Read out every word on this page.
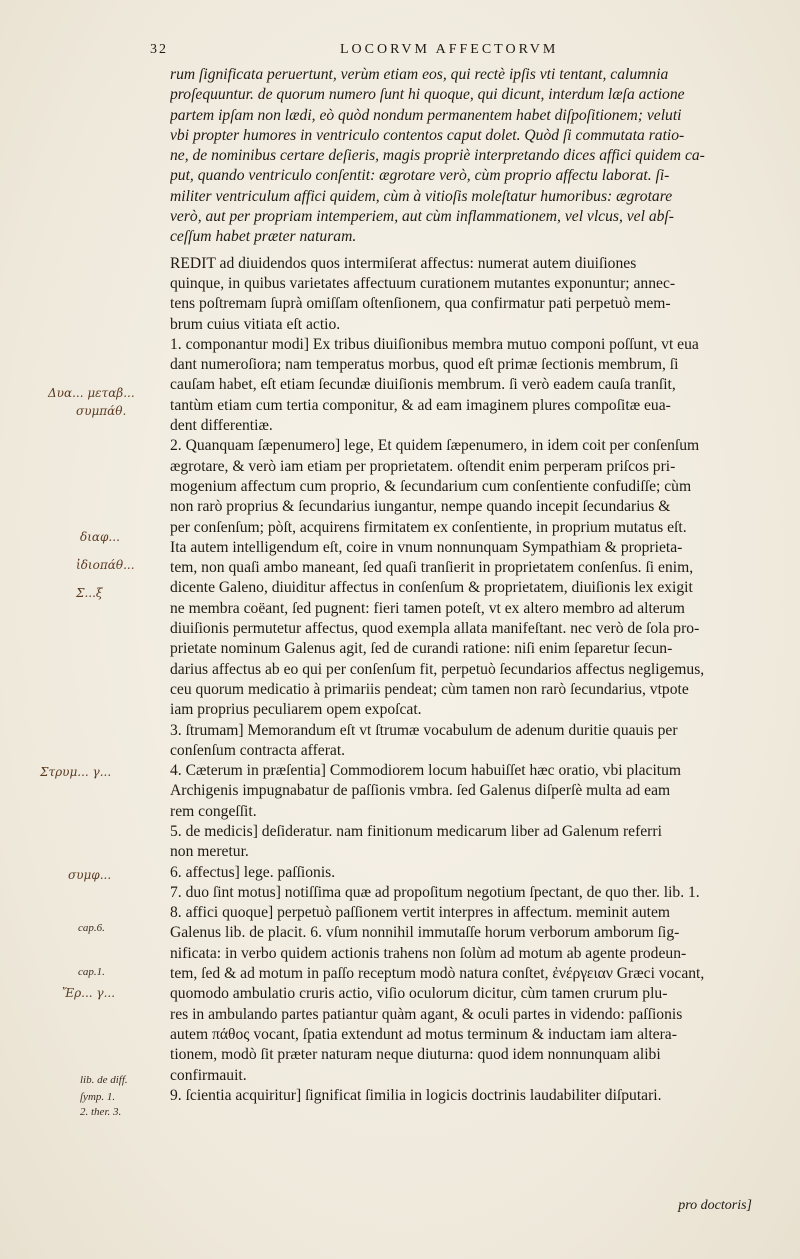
32	LOCORVM AFFECTORVM
rum ſignificata peruertunt, verùm etiam eos, qui rectè ipſis vti tentant, calumnia
proſequuntur. de quorum numero ſunt hi quoque, qui dicunt, interdum læſa actione
partem ipſam non lædi, eò quòd nondum permanentem habet diſpoſitionem; veluti
vbi propter humores in ventriculo contentos caput dolet. Quòd ſi commutata ratio-
ne, de nominibus certare deſieris, magis propriè interpretando dices affici quidem ca-
put, quando ventriculo conſentit: ægrotare verò, cùm proprio affectu laborat. ſi-
militer ventriculum affici quidem, cùm à vitioſis moleſtatur humoribus: ægrotare
verò, aut per propriam intemperiem, aut cùm inflammationem, vel vlcus, vel abſ-
ceſſum habet præter naturam.
REDIT ad diuidendos quos intermiſerat affectus: numerat autem diuiſiones
quinque, in quibus varietates affectuum curationem mutantes exponuntur; annec-
tens poſtremam ſuprà omiſſam oſtenſionem, qua confirmatur pati perpetuò mem-
brum cuius vitiata eſt actio.
1. componantur modi] Ex tribus diuiſionibus membra mutuo componi poſſunt, vt eua
dant numeroſiora; nam temperatus morbus, quod eſt primæ ſectionis membrum, ſi
cauſam habet, eſt etiam ſecundæ diuiſionis membrum. ſi verò eadem cauſa tranſit,
tantùm etiam cum tertia componitur, & ad eam imaginem plures compoſitæ eua-
dent differentiæ.
2. Quanquam ſæpenumero] lege, Et quidem ſæpenumero, in idem coit per conſenſum
ægrotare, & verò iam etiam per proprietatem. oſtendit enim perperam priſcos pri-
mogenium affectum cum proprio, & ſecundarium cum conſentiente confudiſſe; cùm
non rarò proprius & ſecundarius iungantur, nempe quando incepit ſecundarius &
per conſenſum; pòſt, acquirens firmitatem ex conſentiente, in proprium mutatus eſt.
Ita autem intelligendum eſt, coire in vnum nonnunquam Sympathiam & proprieta-
tem, non quaſi ambo maneant, ſed quaſi tranſierit in proprietatem conſenſus. ſi enim,
dicente Galeno, diuiditur affectus in conſenſum & proprietatem, diuiſionis lex exigit
ne membra coëant, ſed pugnent: fieri tamen poteſt, vt ex altero membro ad alterum
diuiſionis permutetur affectus, quod exempla allata manifeſtant. nec verò de ſola pro-
prietate nominum Galenus agit, ſed de curandi ratione: niſi enim ſeparetur ſecun-
darius affectus ab eo qui per conſenſum fit, perpetuò ſecundarios affectus negligemus,
ceu quorum medicatio à primariis pendeat; cùm tamen non rarò ſecundarius, vtpote
iam proprius peculiarem opem expoſcat.
3. ſtrumam] Memorandum eſt vt ſtrumæ vocabulum de adenum duritie quauis per
conſenſum contracta afferat.
4. Cæterum in præſentia] Commodiorem locum habuiſſet hæc oratio, vbi placitum
Archigenis impugnabatur de paſſionis vmbra. ſed Galenus diſperſè multa ad eam
rem congeſſit.
5. de medicis] deſideratur. nam finitionum medicarum liber ad Galenum referri
non meretur.
6. affectus] lege. paſſionis.
7. duo ſint motus] notiſſima quæ ad propoſitum negotium ſpectant, de quo ther. lib. 1.
8. affici quoque] perpetuò paſſionem vertit interpres in affectum. meminit autem
Galenus lib. de placit. 6. vſum nonnihil immutaſſe horum verborum amborum ſig-
nificata: in verbo quidem actionis trahens non ſolùm ad motum ab agente prodeun-
tem, ſed & ad motum in paſſo receptum modò natura conſtet, ἐνέργειαν Græci vocant,
quomodo ambulatio cruris actio, viſio oculorum dicitur, cùm tamen crurum plu-
res in ambulando partes patiantur quàm agant, & oculi partes in videndo: paſſionis
autem πάθος vocant, ſpatia extendunt ad motus terminum & inductam iam altera-
tionem, modò ſit præter naturam neque diuturna: quod idem nonnunquam alibi
confirmauit.
9. ſcientia acquiritur] ſignificat ſimilia in logicis doctrinis laudabiliter diſputari.
cap.6.
cap.1.
lib. de diff.
ſymp. 1.
2. ther. 3.
Δυα... μεταβ...
συμπάθ.
διαφ...
ἰδιοπάθ...
Σ...ξ
Στρυμ... γ...
συμφ...
Ἔρ... γ...
pro doctoris]
